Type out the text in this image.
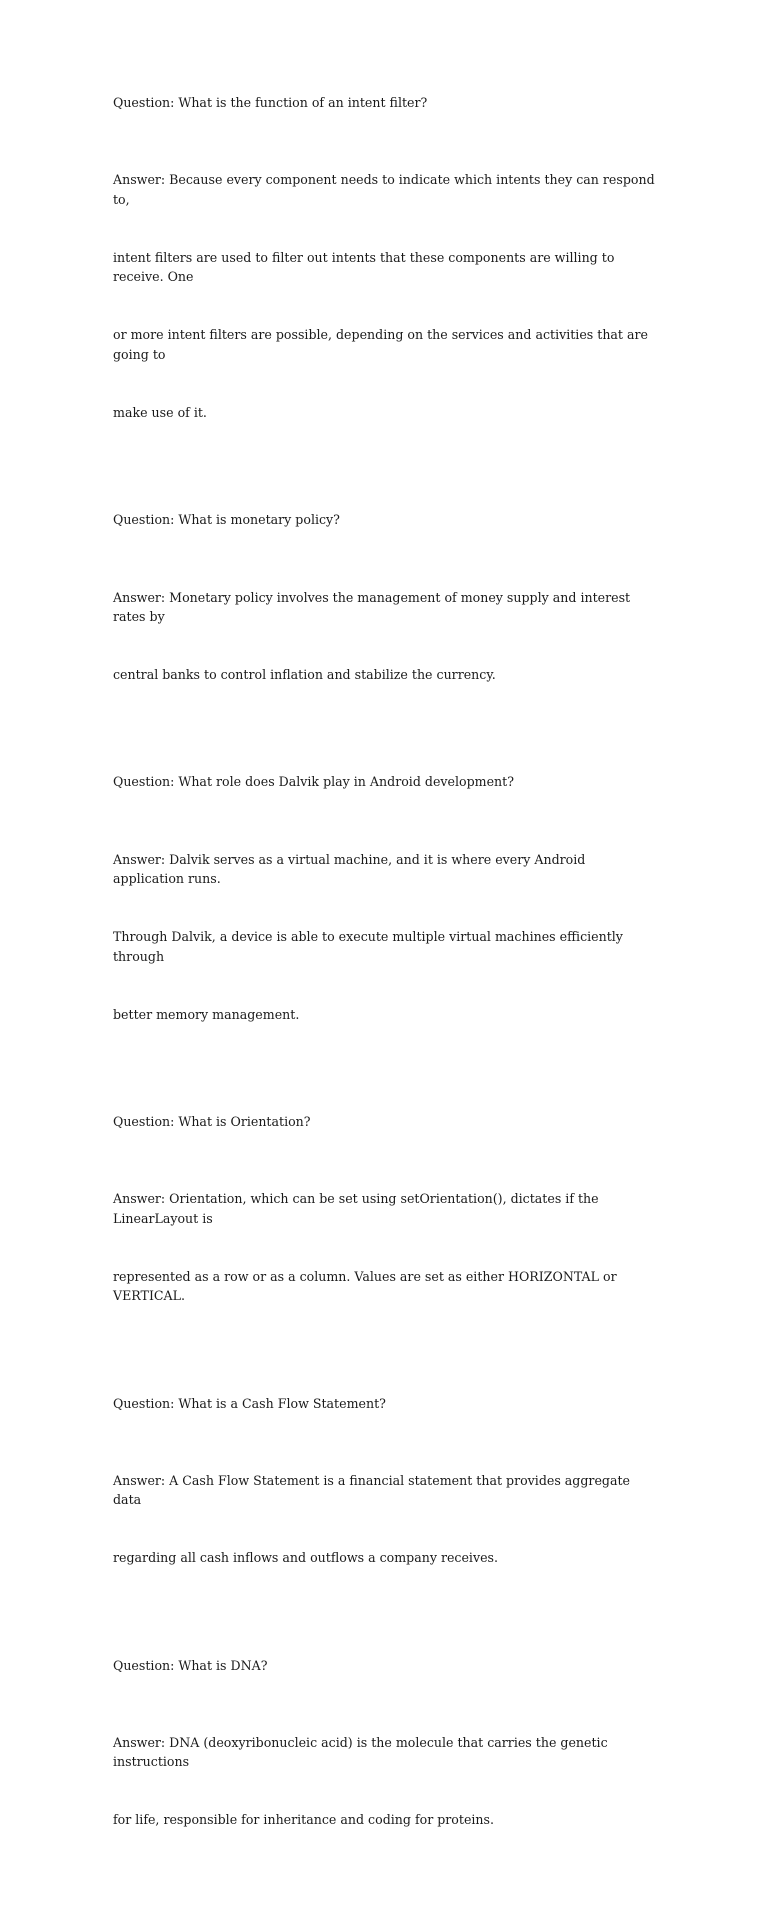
Question: What is the function of an intent filter?

Answer: Because every component needs to indicate which intents they can respond to,

intent filters are used to filter out intents that these components are willing to receive. One

or more intent filters are possible, depending on the services and activities that are going to

make use of it.

Question: What is monetary policy?

Answer: Monetary policy involves the management of money supply and interest rates by

central banks to control inflation and stabilize the currency.

Question: What role does Dalvik play in Android development?

Answer: Dalvik serves as a virtual machine, and it is where every Android application runs.

Through Dalvik, a device is able to execute multiple virtual machines efficiently through

better memory management.

Question: What is Orientation?

Answer: Orientation, which can be set using setOrientation(), dictates if the LinearLayout is

represented as a row or as a column. Values are set as either HORIZONTAL or VERTICAL.

Question: What is a Cash Flow Statement?

Answer: A Cash Flow Statement is a financial statement that provides aggregate data

regarding all cash inflows and outflows a company receives.

Question: What is DNA?

Answer: DNA (deoxyribonucleic acid) is the molecule that carries the genetic instructions

for life, responsible for inheritance and coding for proteins.
